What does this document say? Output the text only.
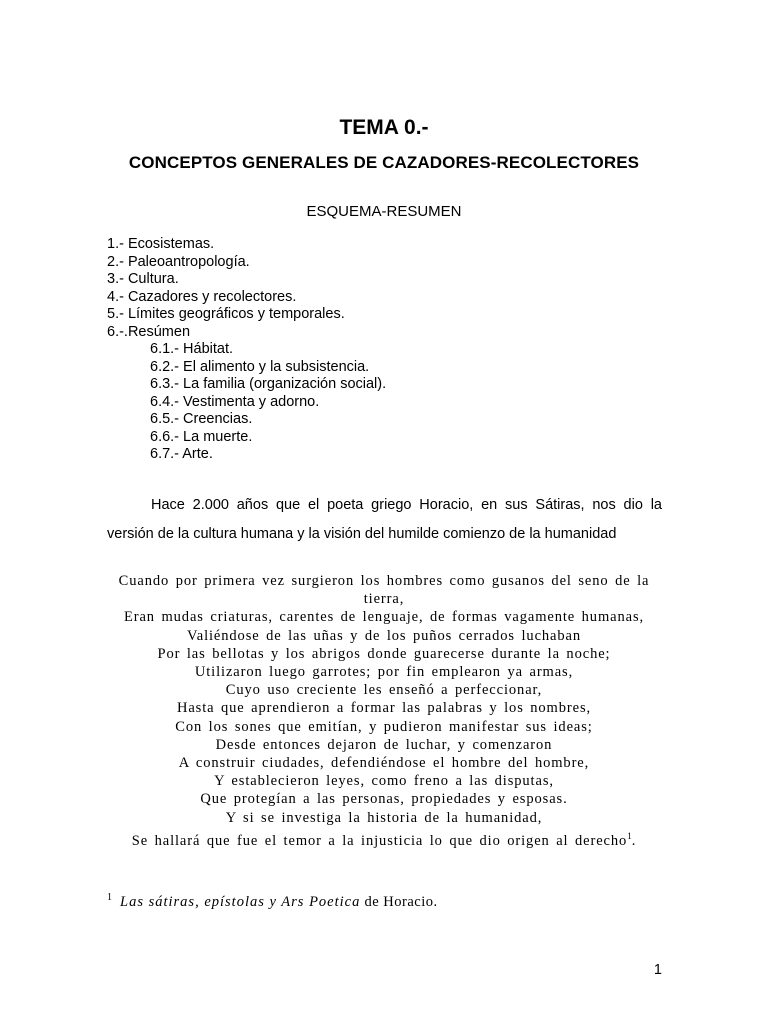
TEMA 0.-
CONCEPTOS GENERALES DE CAZADORES-RECOLECTORES
ESQUEMA-RESUMEN
1.- Ecosistemas.
2.- Paleoantropología.
3.- Cultura.
4.- Cazadores y recolectores.
5.- Límites geográficos y temporales.
6.-.Resúmen
6.1.- Hábitat.
6.2.- El alimento y la subsistencia.
6.3.- La familia (organización social).
6.4.- Vestimenta y adorno.
6.5.- Creencias.
6.6.- La muerte.
6.7.- Arte.

Hace 2.000 años que el poeta griego Horacio, en sus Sátiras, nos dio la versión de la cultura humana y la visión del humilde comienzo de la humanidad

Cuando por primera vez surgieron los hombres como gusanos del seno de la tierra,
Eran mudas criaturas, carentes de lenguaje, de formas vagamente humanas,
Valiéndose de las uñas y de los puños cerrados luchaban
Por las bellotas y los abrigos donde guarecerse durante la noche;
Utilizaron luego garrotes; por fin emplearon ya armas,
Cuyo uso creciente les enseñó a perfeccionar,
Hasta que aprendieron a formar las palabras y los nombres,
Con los sones que emitían, y pudieron manifestar sus ideas;
Desde entonces dejaron de luchar, y comenzaron
A construir ciudades, defendiéndose el hombre del hombre,
Y establecieron leyes, como freno a las disputas,
Que protegían a las personas, propiedades y esposas.
Y si se investiga la historia de la humanidad,
Se hallará que fue el temor a la injusticia lo que dio origen al derecho$^1$.
1 Las sátiras, epístolas y Ars Poetica de Horacio.
1
